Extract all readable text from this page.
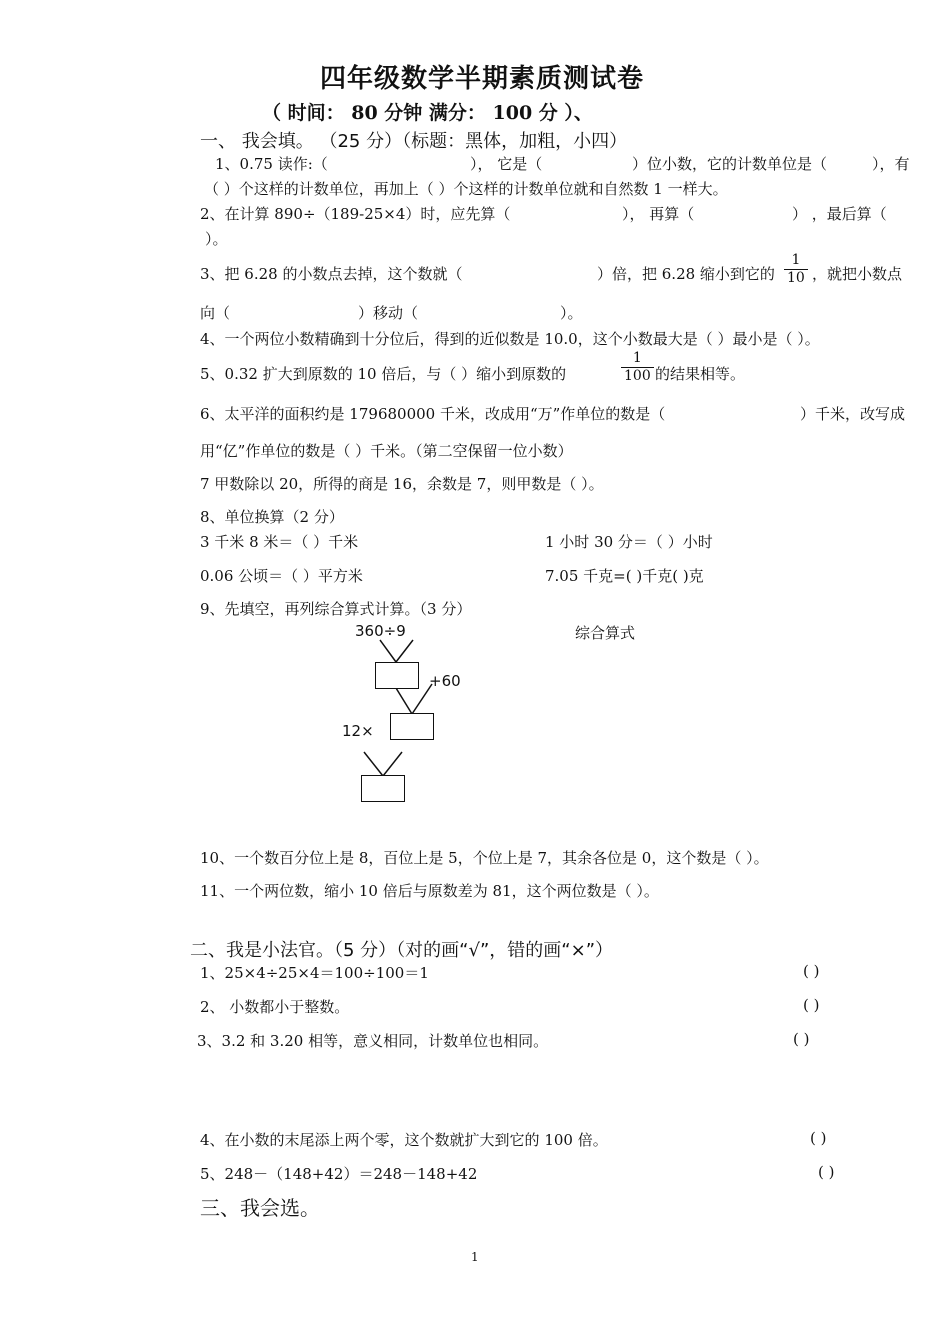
四年级数学半期素质测试卷
（ 时间： 80 分钟 满分： 100 分 ）、
一、 我会填。 （25 分）（标题：黑体，加粗，小四）
1、0.75 读作:（	）， 它是（	）位小数，它的计数单位是（	），有
（ ）个这样的计数单位，再加上（ ）个这样的计数单位就和自然数 1 一样大。
2、在计算 890÷（189-25×4）时，应先算（	）， 再算（	） ，最后算（
）。
3、把 6.28 的小数点去掉，这个数就（	）倍，把 6.28 缩小到它的 $\frac{1}{10}$ ，就把小数点
向（	）移动（	）。
4、一个两位小数精确到十分位后，得到的近似数是 10.0，这个小数最大是（ ）最小是（ ）。
5、0.32 扩大到原数的 10 倍后，与（ ）缩小到原数的	$\frac{1}{100}$ 的结果相等。
6、太平洋的面积约是 179680000 千米，改成用“万”作单位的数是（	）千米，改写成
用“亿”作单位的数是（ ）千米。（第二空保留一位小数）
7 甲数除以 20，所得的商是 16，余数是 7，则甲数是（ ）。
8、单位换算（2 分）
3 千米 8 米＝（ ）千米	1 小时 30 分＝（ ）小时
0.06 公顷＝（ ）平方米	7.05 千克=( )千克( )克
9、先填空，再列综合算式计算。（3 分）
360÷9	综合算式
+60
12×
10、一个数百分位上是 8，百位上是 5，个位上是 7，其余各位是 0，这个数是（ ）。
11、一个两位数，缩小 10 倍后与原数差为 81，这个两位数是（ ）。
二、我是小法官。（5 分）（对的画“√”，错的画“×”）
1、25×4÷25×4＝100÷100＝1	( )
2、 小数都小于整数。	( )
3、3.2 和 3.20 相等，意义相同，计数单位也相同。	( )
4、在小数的末尾添上两个零，这个数就扩大到它的 100 倍。	( )
5、248－（148+42）＝248－148+42	( )
三、我会选。
1
